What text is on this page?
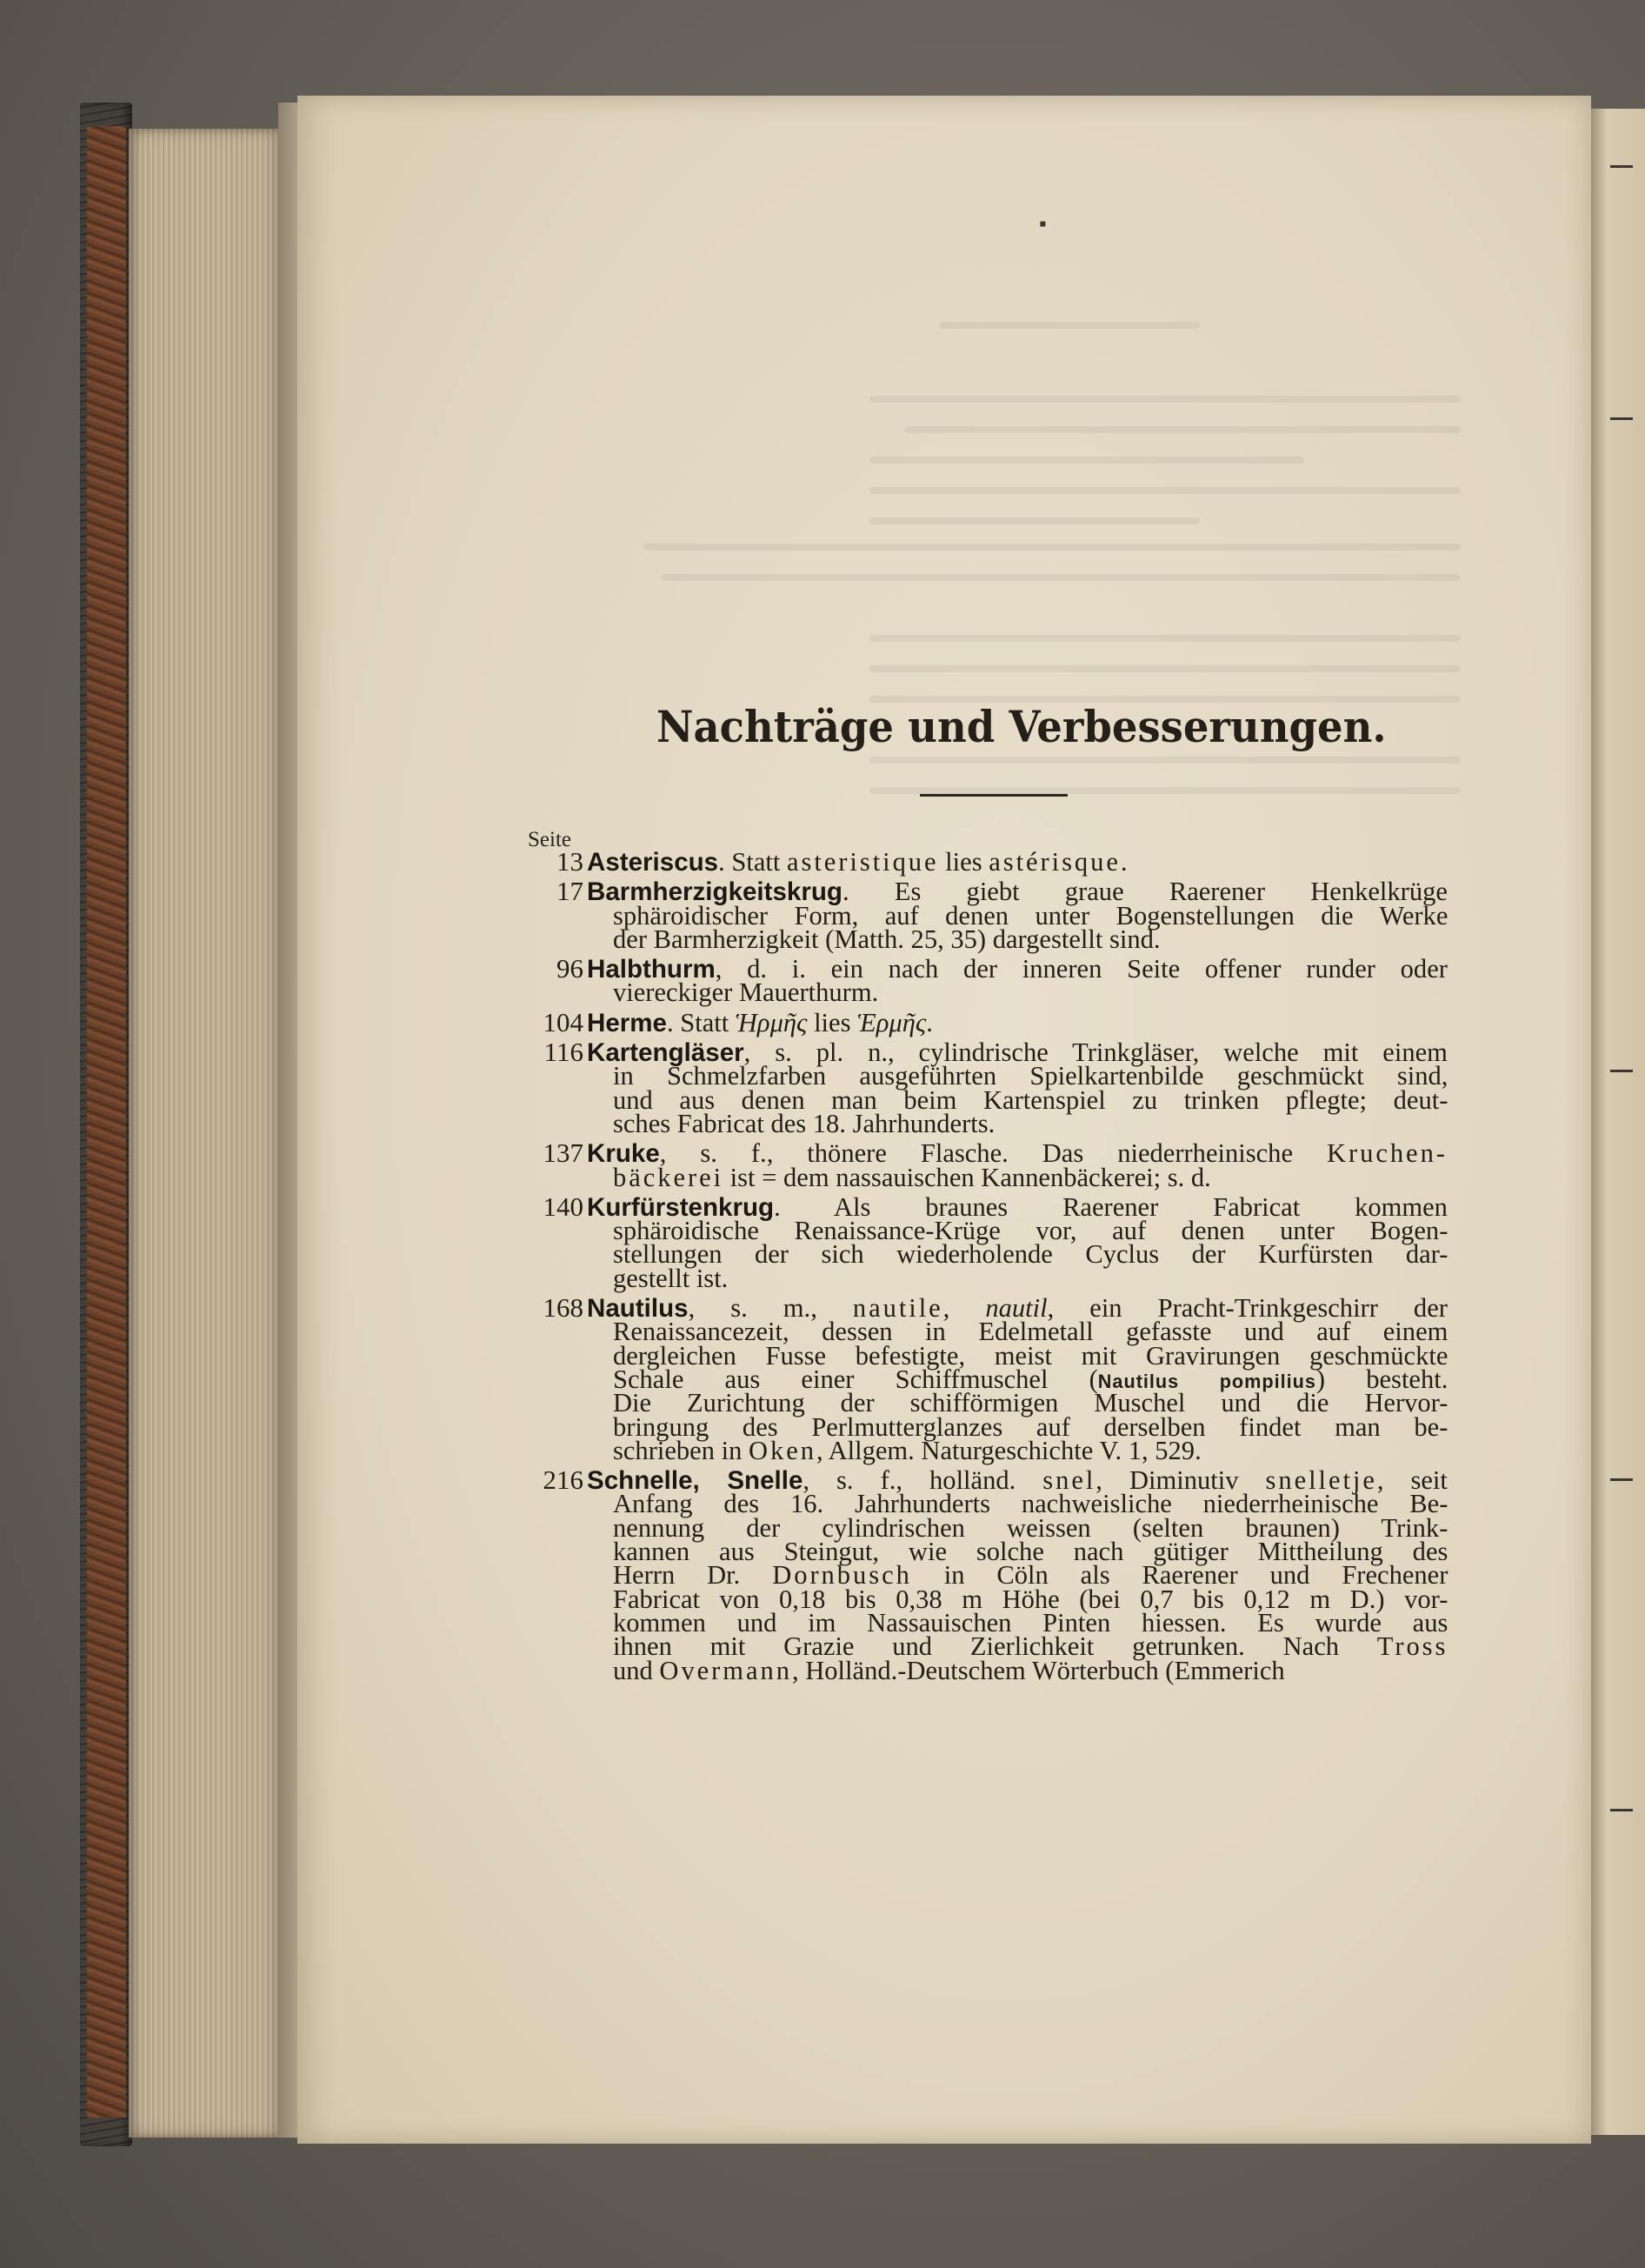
▪
Nachträge und Verbesserungen.
Seite
13 Asteriscus. Statt asteristique lies astérisque.
17 Barmherzigkeitskrug. Es giebt graue Raerener Henkelkrüge
sphäroidischer Form, auf denen unter Bogenstellungen die Werke
der Barmherzigkeit (Matth. 25, 35) dargestellt sind.
96 Halbthurm, d. i. ein nach der inneren Seite offener runder oder
viereckiger Mauerthurm.
104 Herme. Statt Ἡρμῆς lies Ἑρμῆς.
116 Kartengläser, s. pl. n., cylindrische Trinkgläser, welche mit einem
in Schmelzfarben ausgeführten Spielkartenbilde geschmückt sind,
und aus denen man beim Kartenspiel zu trinken pflegte; deut-
sches Fabricat des 18. Jahrhunderts.
137 Kruke, s. f., thönere Flasche. Das niederrheinische Kruchen-
bäckerei ist = dem nassauischen Kannenbäckerei; s. d.
140 Kurfürstenkrug. Als braunes Raerener Fabricat kommen
sphäroidische Renaissance-Krüge vor, auf denen unter Bogen-
stellungen der sich wiederholende Cyclus der Kurfürsten dar-
gestellt ist.
168 Nautilus, s. m., nautile, nautil, ein Pracht-Trinkgeschirr der
Renaissancezeit, dessen in Edelmetall gefasste und auf einem
dergleichen Fusse befestigte, meist mit Gravirungen geschmückte
Schale aus einer Schiffmuschel (Nautilus pompilius) besteht.
Die Zurichtung der schifförmigen Muschel und die Hervor-
bringung des Perlmutterglanzes auf derselben findet man be-
schrieben in Oken, Allgem. Naturgeschichte V. 1, 529.
216 Schnelle, Snelle, s. f., holländ. snel, Diminutiv snelletje, seit
Anfang des 16. Jahrhunderts nachweisliche niederrheinische Be-
nennung der cylindrischen weissen (selten braunen) Trink-
kannen aus Steingut, wie solche nach gütiger Mittheilung des
Herrn Dr. Dornbusch in Cöln als Raerener und Frechener
Fabricat von 0,18 bis 0,38 m Höhe (bei 0,7 bis 0,12 m D.) vor-
kommen und im Nassauischen Pinten hiessen. Es wurde aus
ihnen mit Grazie und Zierlichkeit getrunken. Nach Tross
und Overmann, Holländ.-Deutschem Wörterbuch (Emmerich
